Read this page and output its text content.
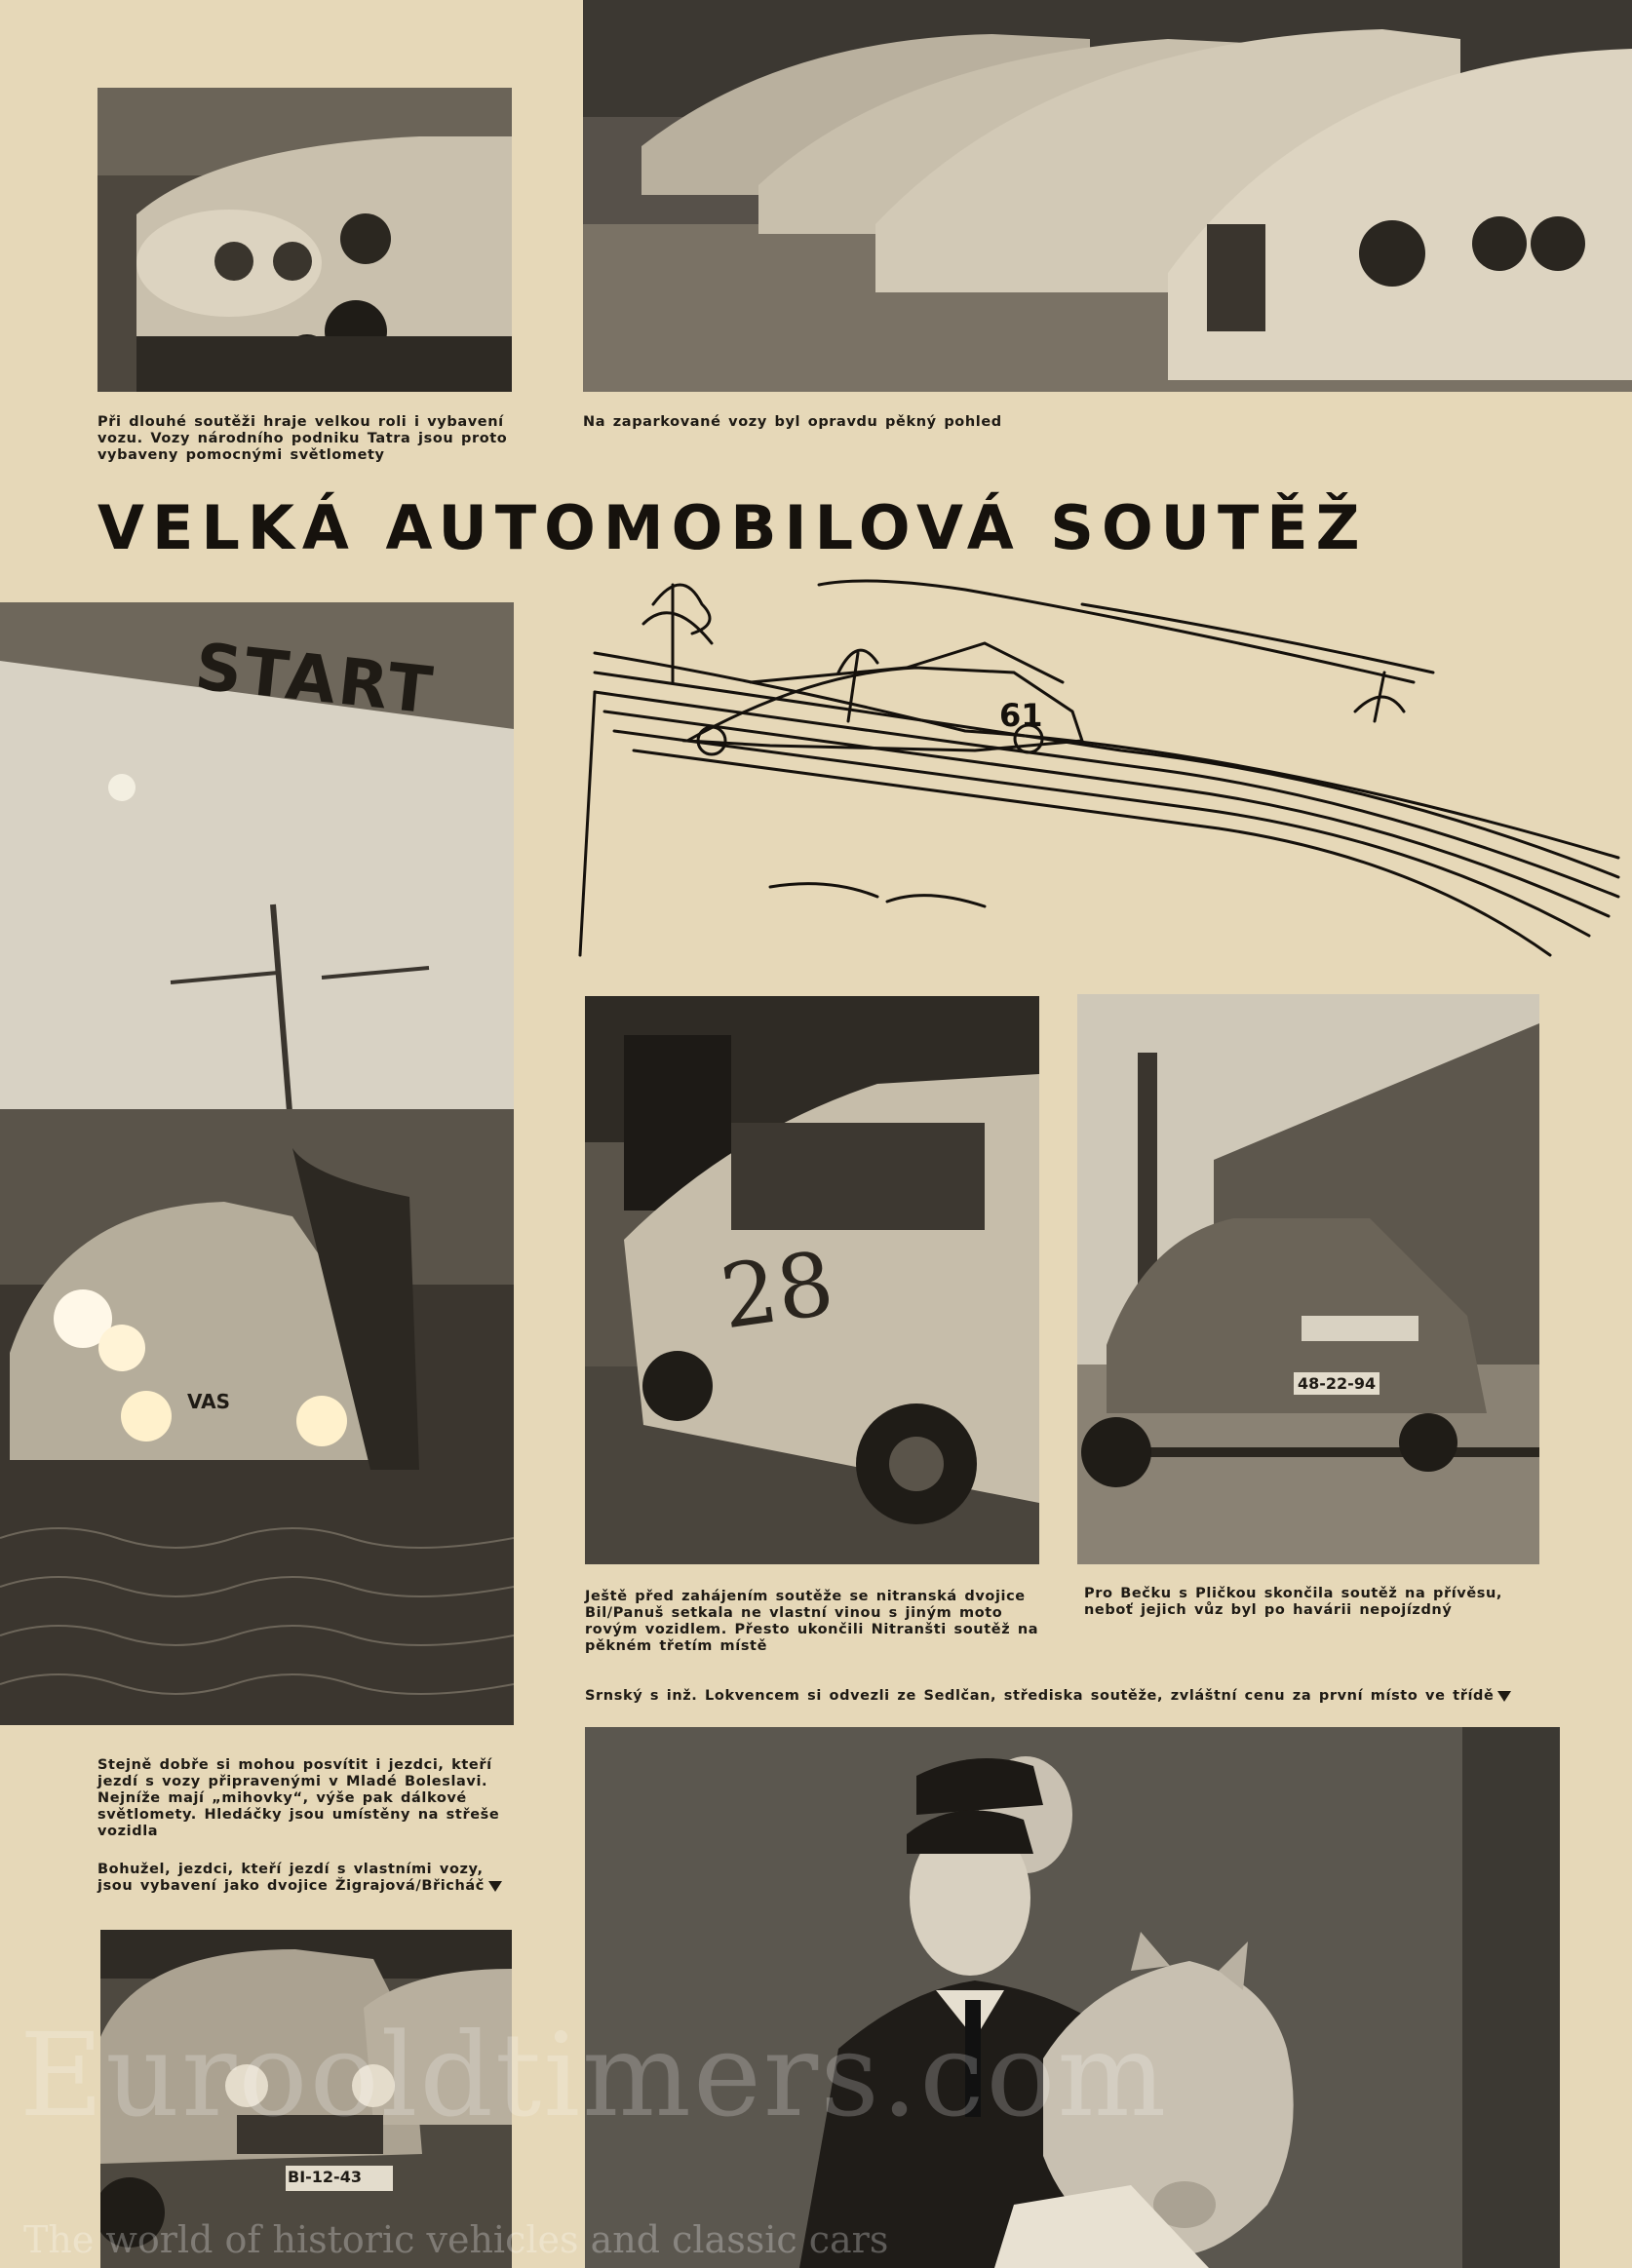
Při dlouhé soutěži hraje velkou roli i vybavení vozu. Vozy národního podniku Tatra jsou proto vybaveny pomocnými světlomety

Na zaparkované vozy byl opravdu pěkný pohled

VELKÁ AUTOMOBILOVÁ SOUTĚŽ
START
VAS
61
28
48-22-94

Ještě před zahájením soutěže se nitranská dvojice Bil/Panuš setkala ne vlastní vinou s jiným moto rovým vozidlem. Přesto ukončili Nitranšti soutěž na pěkném třetím místě

Pro Bečku s Pličkou skončila soutěž na přívěsu, neboť jejich vůz byl po havárii nepojízdný

Srnský s inž. Lokvencem si odvezli ze Sedlčan, střediska soutěže, zvláštní cenu za první místo ve třídě

Stejně dobře si mohou posvítit i jezdci, kteří jezdí s vozy připravenými v Mladé Boleslavi. Nejníže mají „mihovky“, výše pak dálkové světlomety. Hledáčky jsou umístěny na střeše vozidla

Bohužel, jezdci, kteří jezdí s vlastními vozy, jsou vybavení jako dvojice Žigrajová/Břicháč

BI-12-43
Eurooldtimers.com
The world of historic vehicles and classic cars
